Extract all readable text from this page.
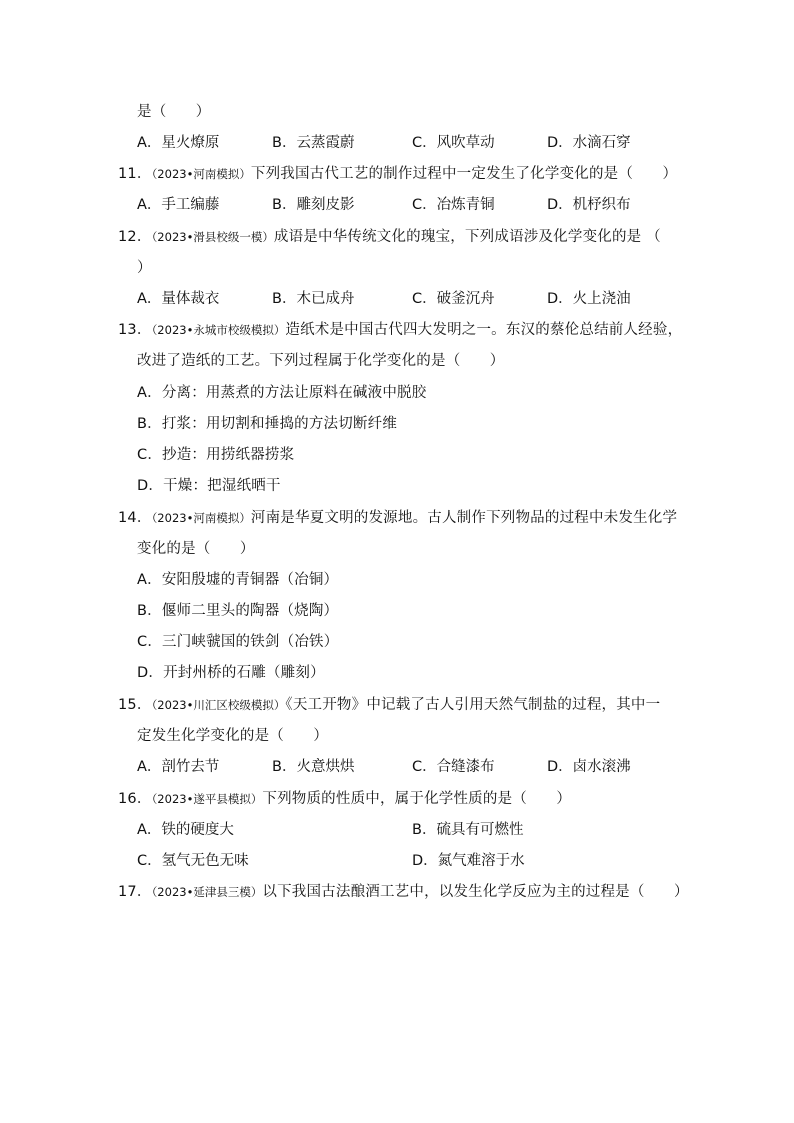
是（　　）
A．星火燎原	B．云蒸霞蔚	C．风吹草动	D．水滴石穿
11．（2023•河南模拟）下列我国古代工艺的制作过程中一定发生了化学变化的是（　　）
A．手工编藤	B．雕刻皮影	C．冶炼青铜	D．机杼织布
12．（2023•滑县校级一模）成语是中华传统文化的瑰宝，下列成语涉及化学变化的是 （
）
A．量体裁衣	B．木已成舟	C．破釜沉舟	D．火上浇油
13．（2023•永城市校级模拟）造纸术是中国古代四大发明之一。东汉的蔡伦总结前人经验，
改进了造纸的工艺。下列过程属于化学变化的是（　　）
A．分离：用蒸煮的方法让原料在碱液中脱胶
B．打浆：用切割和捶捣的方法切断纤维
C．抄造：用捞纸器捞浆
D．干燥：把湿纸晒干
14．（2023•河南模拟）河南是华夏文明的发源地。古人制作下列物品的过程中未发生化学
变化的是（　　）
A．安阳殷墟的青铜器（冶铜）
B．偃师二里头的陶器（烧陶）
C．三门峡虢国的铁剑（冶铁）
D．开封州桥的石雕（雕刻）
15．（2023•川汇区校级模拟）《天工开物》中记载了古人引用天然气制盐的过程，其中一
定发生化学变化的是（　　）
A．剖竹去节	B．火意烘烘	C．合缝漆布	D．卤水滚沸
16．（2023•遂平县模拟）下列物质的性质中，属于化学性质的是（　　）
A．铁的硬度大	B．硫具有可燃性
C．氢气无色无味	D．氮气难溶于水
17．（2023•延津县三模）以下我国古法酿酒工艺中，以发生化学反应为主的过程是（　　）
